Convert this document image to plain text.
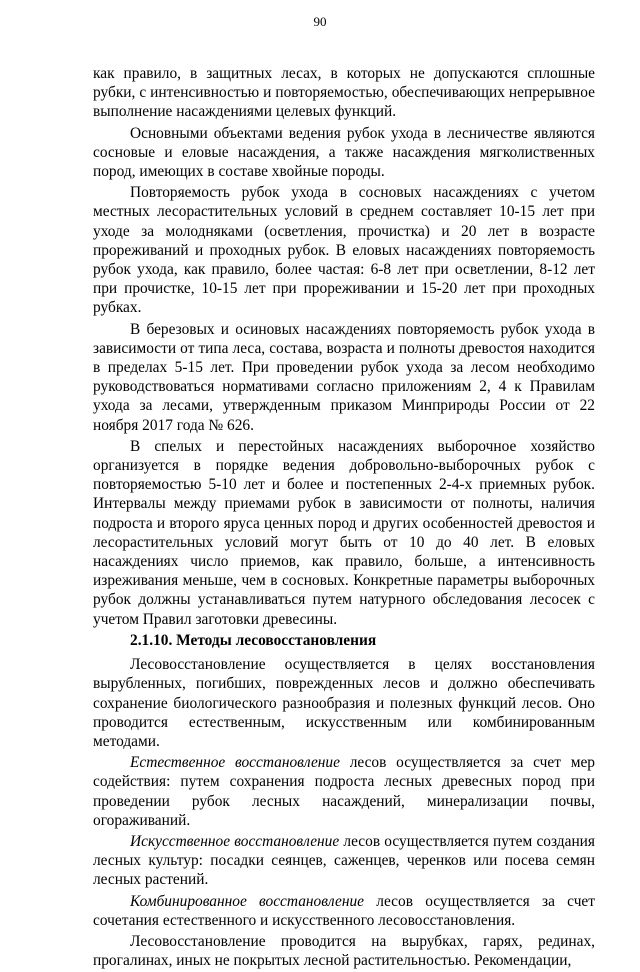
90

как правило, в защитных лесах, в которых не допускаются сплошные рубки, с интенсивностью и повторяемостью, обеспечивающих непрерывное выполнение насаждениями целевых функций.

Основными объектами ведения рубок ухода в лесничестве являются сосновые и еловые насаждения, а также насаждения мягколиственных пород, имеющих в составе хвойные породы.

Повторяемость рубок ухода в сосновых насаждениях с учетом местных лесорастительных условий в среднем составляет 10-15 лет при уходе за молодняками (осветления, прочистка) и 20 лет в возрасте прореживаний и проходных рубок. В еловых насаждениях повторяемость рубок ухода, как правило, более частая: 6-8 лет при осветлении, 8-12 лет при прочистке, 10-15 лет при прореживании и 15-20 лет при проходных рубках.

В березовых и осиновых насаждениях повторяемость рубок ухода в зависимости от типа леса, состава, возраста и полноты древостоя находится в пределах 5-15 лет. При проведении рубок ухода за лесом необходимо руководствоваться нормативами согласно приложениям 2, 4 к Правилам ухода за лесами, утвержденным приказом Минприроды России от 22 ноября 2017 года № 626.

В спелых и перестойных насаждениях выборочное хозяйство организуется в порядке ведения добровольно-выборочных рубок с повторяемостью 5-10 лет и более и постепенных 2-4-х приемных рубок. Интервалы между приемами рубок в зависимости от полноты, наличия подроста и второго яруса ценных пород и других особенностей древостоя и лесорастительных условий могут быть от 10 до 40 лет. В еловых насаждениях число приемов, как правило, больше, а интенсивность изреживания меньше, чем в сосновых. Конкретные параметры выборочных рубок должны устанавливаться путем натурного обследования лесосек с учетом Правил заготовки древесины.

2.1.10. Методы лесовосстановления

Лесовосстановление осуществляется в целях восстановления вырубленных, погибших, поврежденных лесов и должно обеспечивать сохранение биологического разнообразия и полезных функций лесов. Оно проводится естественным, искусственным или комбинированным методами.

Естественное восстановление лесов осуществляется за счет мер содействия: путем сохранения подроста лесных древесных пород при проведении рубок лесных насаждений, минерализации почвы, огораживаний.

Искусственное восстановление лесов осуществляется путем создания лесных культур: посадки сеянцев, саженцев, черенков или посева семян лесных растений.

Комбинированное восстановление лесов осуществляется за счет сочетания естественного и искусственного лесовосстановления.

Лесовосстановление проводится на вырубках, гарях, рединах, прогалинах, иных не покрытых лесной растительностью. Рекомендации,
